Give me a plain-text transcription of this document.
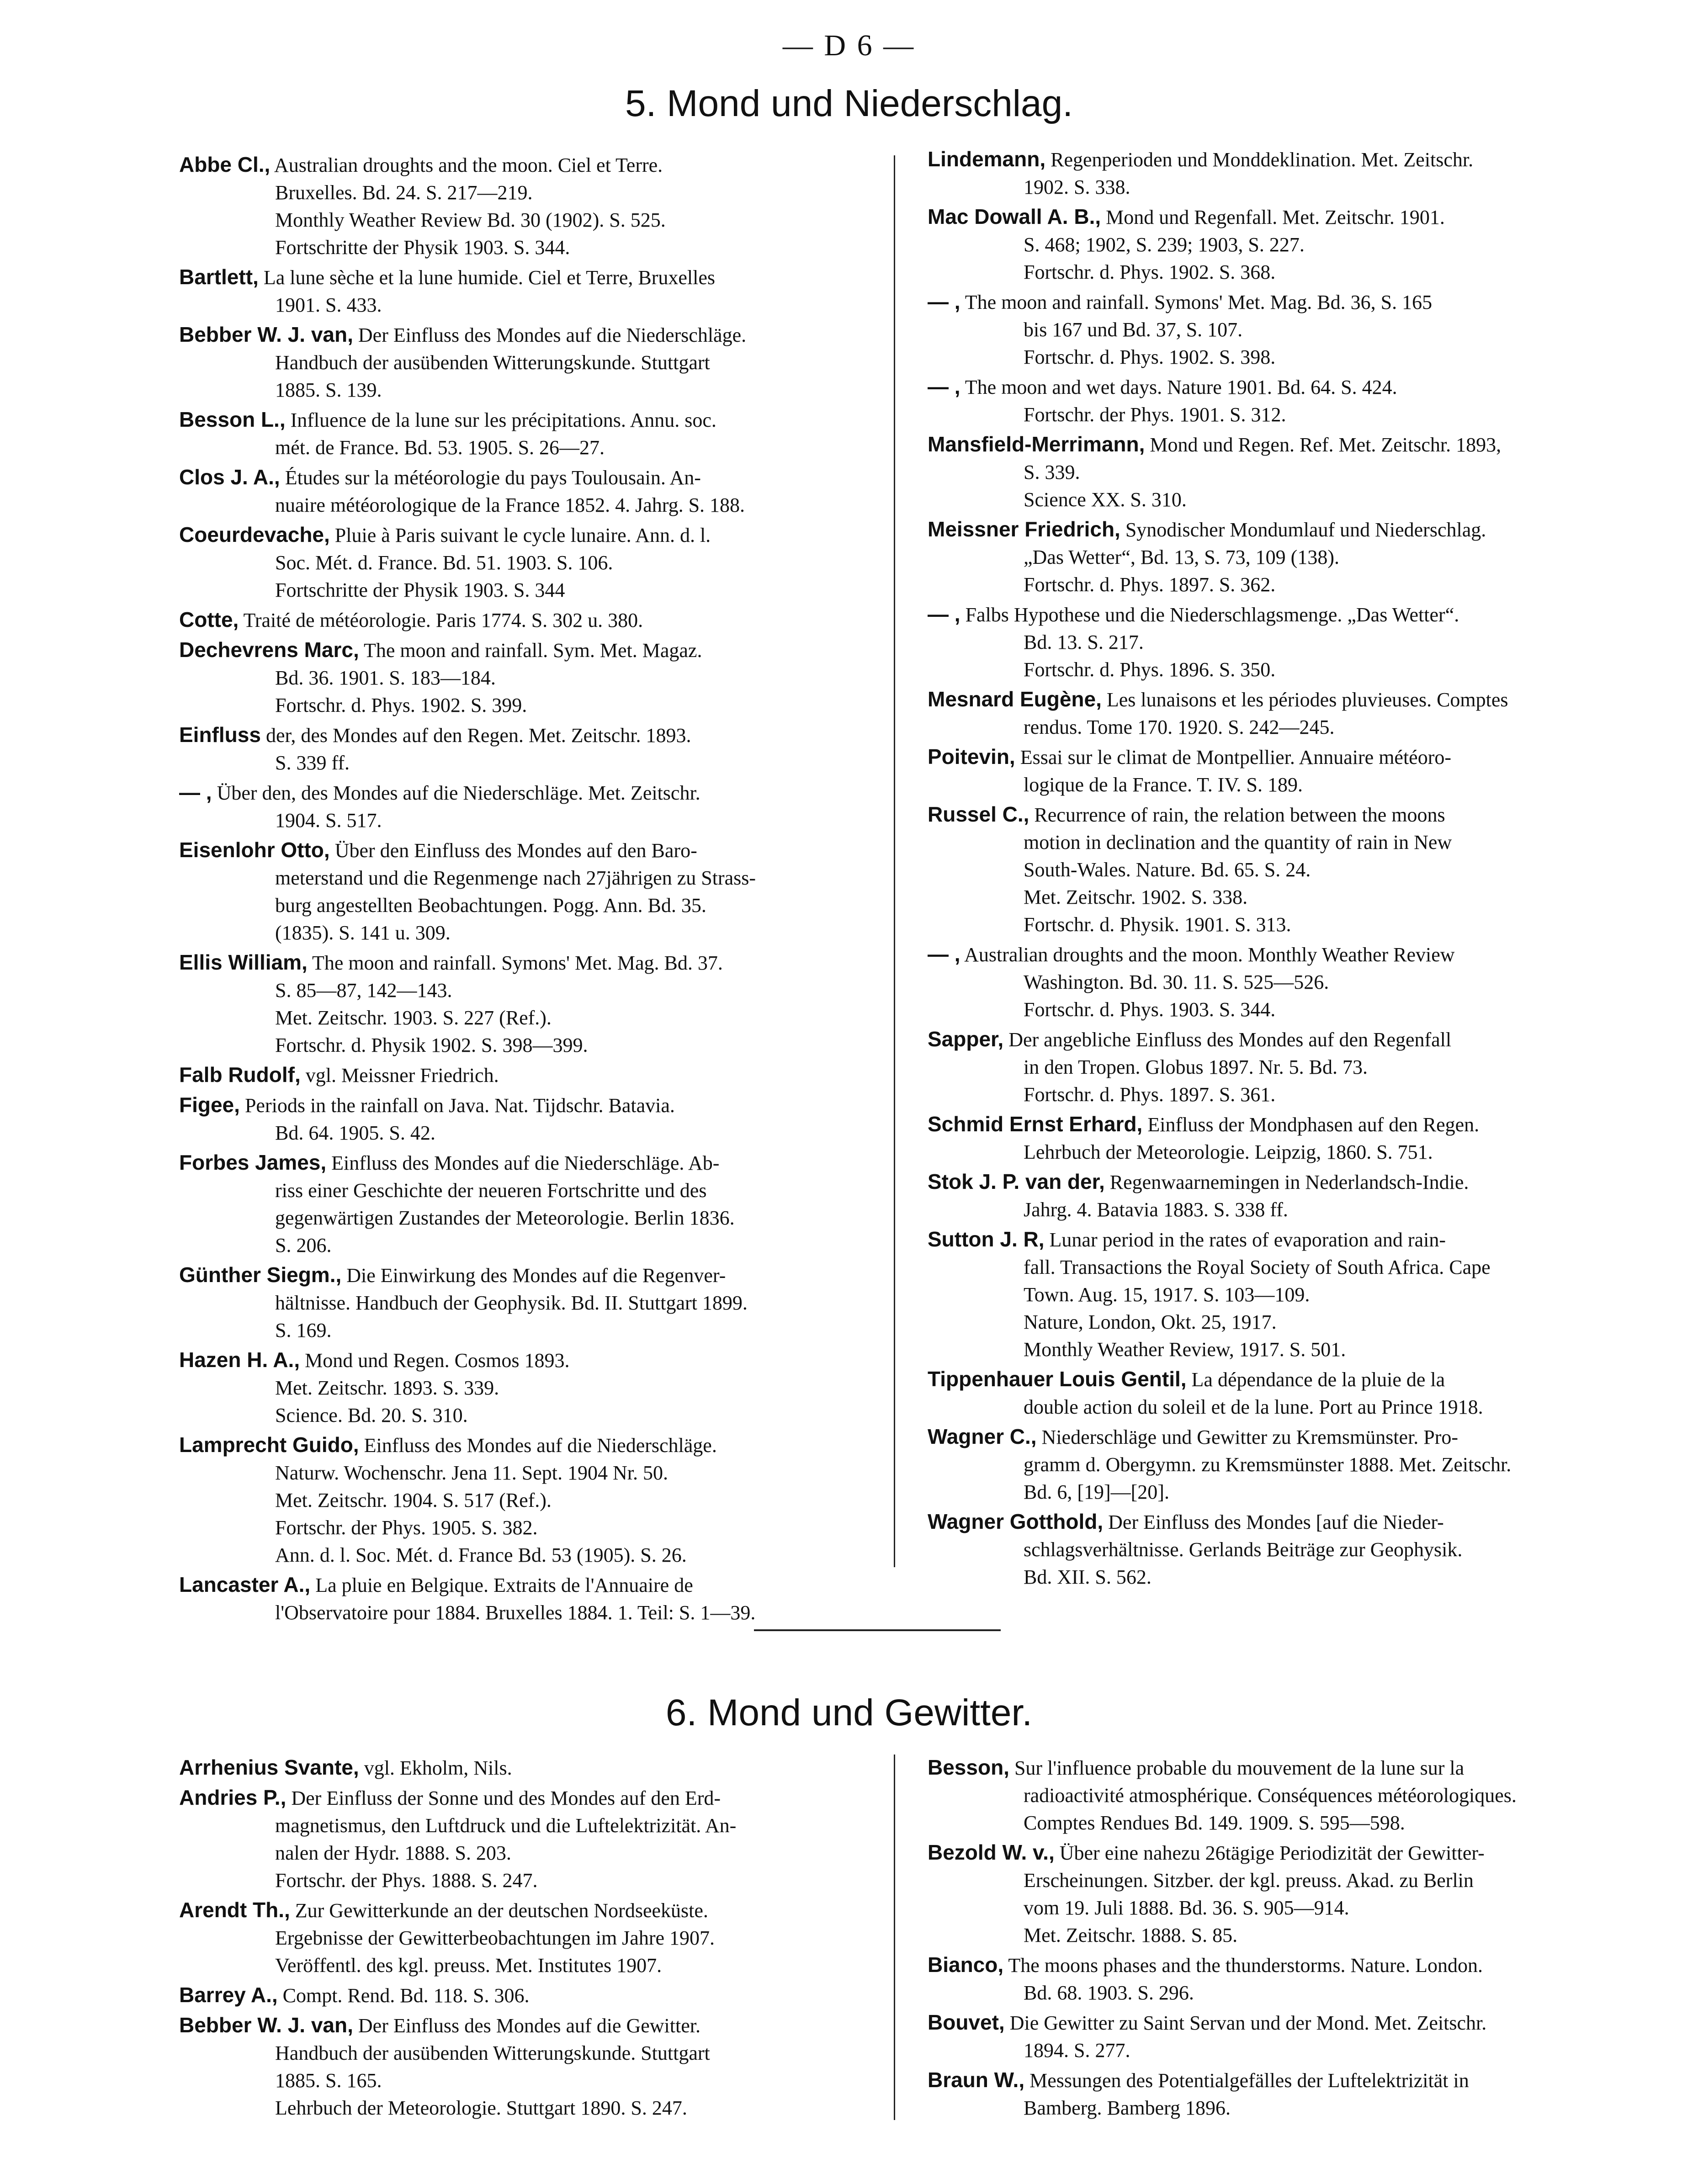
— D 6 —
5. Mond und Niederschlag.
Abbe Cl., Australian droughts and the moon. Ciel et Terre.
Bruxelles. Bd. 24. S. 217—219.
Monthly Weather Review Bd. 30 (1902). S. 525.
Fortschritte der Physik 1903. S. 344.
Bartlett, La lune sèche et la lune humide. Ciel et Terre, Bruxelles
1901. S. 433.
Bebber W. J. van, Der Einfluss des Mondes auf die Niederschläge.
Handbuch der ausübenden Witterungskunde. Stuttgart
1885. S. 139.
Besson L., Influence de la lune sur les précipitations. Annu. soc.
mét. de France. Bd. 53. 1905. S. 26—27.
Clos J. A., Études sur la météorologie du pays Toulousain. An-
nuaire météorologique de la France 1852. 4. Jahrg. S. 188.
Coeurdevache, Pluie à Paris suivant le cycle lunaire. Ann. d. l.
Soc. Mét. d. France. Bd. 51. 1903. S. 106.
Fortschritte der Physik 1903. S. 344
Cotte, Traité de météorologie. Paris 1774. S. 302 u. 380.
Dechevrens Marc, The moon and rainfall. Sym. Met. Magaz.
Bd. 36. 1901. S. 183—184.
Fortschr. d. Phys. 1902. S. 399.
Einfluss der, des Mondes auf den Regen. Met. Zeitschr. 1893.
S. 339 ff.
— , Über den, des Mondes auf die Niederschläge. Met. Zeitschr.
1904. S. 517.
Eisenlohr Otto, Über den Einfluss des Mondes auf den Baro-
meterstand und die Regenmenge nach 27jährigen zu Strass-
burg angestellten Beobachtungen. Pogg. Ann. Bd. 35.
(1835). S. 141 u. 309.
Ellis William, The moon and rainfall. Symons' Met. Mag. Bd. 37.
S. 85—87, 142—143.
Met. Zeitschr. 1903. S. 227 (Ref.).
Fortschr. d. Physik 1902. S. 398—399.
Falb Rudolf, vgl. Meissner Friedrich.
Figee, Periods in the rainfall on Java. Nat. Tijdschr. Batavia.
Bd. 64. 1905. S. 42.
Forbes James, Einfluss des Mondes auf die Niederschläge. Ab-
riss einer Geschichte der neueren Fortschritte und des
gegenwärtigen Zustandes der Meteorologie. Berlin 1836.
S. 206.
Günther Siegm., Die Einwirkung des Mondes auf die Regenver-
hältnisse. Handbuch der Geophysik. Bd. II. Stuttgart 1899.
S. 169.
Hazen H. A., Mond und Regen. Cosmos 1893.
Met. Zeitschr. 1893. S. 339.
Science. Bd. 20. S. 310.
Lamprecht Guido, Einfluss des Mondes auf die Niederschläge.
Naturw. Wochenschr. Jena 11. Sept. 1904 Nr. 50.
Met. Zeitschr. 1904. S. 517 (Ref.).
Fortschr. der Phys. 1905. S. 382.
Ann. d. l. Soc. Mét. d. France Bd. 53 (1905). S. 26.
Lancaster A., La pluie en Belgique. Extraits de l'Annuaire de
l'Observatoire pour 1884. Bruxelles 1884. 1. Teil: S. 1—39.
Lindemann, Regenperioden und Monddeklination. Met. Zeitschr.
1902. S. 338.
Mac Dowall A. B., Mond und Regenfall. Met. Zeitschr. 1901.
S. 468; 1902, S. 239; 1903, S. 227.
Fortschr. d. Phys. 1902. S. 368.
— , The moon and rainfall. Symons' Met. Mag. Bd. 36, S. 165
bis 167 und Bd. 37, S. 107.
Fortschr. d. Phys. 1902. S. 398.
— , The moon and wet days. Nature 1901. Bd. 64. S. 424.
Fortschr. der Phys. 1901. S. 312.
Mansfield-Merrimann, Mond und Regen. Ref. Met. Zeitschr. 1893,
S. 339.
Science XX. S. 310.
Meissner Friedrich, Synodischer Mondumlauf und Niederschlag.
„Das Wetter“, Bd. 13, S. 73, 109 (138).
Fortschr. d. Phys. 1897. S. 362.
— , Falbs Hypothese und die Niederschlagsmenge. „Das Wetter“.
Bd. 13. S. 217.
Fortschr. d. Phys. 1896. S. 350.
Mesnard Eugène, Les lunaisons et les périodes pluvieuses. Comptes
rendus. Tome 170. 1920. S. 242—245.
Poitevin, Essai sur le climat de Montpellier. Annuaire météoro-
logique de la France. T. IV. S. 189.
Russel C., Recurrence of rain, the relation between the moons
motion in declination and the quantity of rain in New
South-Wales. Nature. Bd. 65. S. 24.
Met. Zeitschr. 1902. S. 338.
Fortschr. d. Physik. 1901. S. 313.
— , Australian droughts and the moon. Monthly Weather Review
Washington. Bd. 30. 11. S. 525—526.
Fortschr. d. Phys. 1903. S. 344.
Sapper, Der angebliche Einfluss des Mondes auf den Regenfall
in den Tropen. Globus 1897. Nr. 5. Bd. 73.
Fortschr. d. Phys. 1897. S. 361.
Schmid Ernst Erhard, Einfluss der Mondphasen auf den Regen.
Lehrbuch der Meteorologie. Leipzig, 1860. S. 751.
Stok J. P. van der, Regenwaarnemingen in Nederlandsch-Indie.
Jahrg. 4. Batavia 1883. S. 338 ff.
Sutton J. R, Lunar period in the rates of evaporation and rain-
fall. Transactions the Royal Society of South Africa. Cape
Town. Aug. 15, 1917. S. 103—109.
Nature, London, Okt. 25, 1917.
Monthly Weather Review, 1917. S. 501.
Tippenhauer Louis Gentil, La dépendance de la pluie de la
double action du soleil et de la lune. Port au Prince 1918.
Wagner C., Niederschläge und Gewitter zu Kremsmünster. Pro-
gramm d. Obergymn. zu Kremsmünster 1888. Met. Zeitschr.
Bd. 6, [19]—[20].
Wagner Gotthold, Der Einfluss des Mondes [auf die Nieder-
schlagsverhältnisse. Gerlands Beiträge zur Geophysik.
Bd. XII. S. 562.
6. Mond und Gewitter.
Arrhenius Svante, vgl. Ekholm, Nils.
Andries P., Der Einfluss der Sonne und des Mondes auf den Erd-
magnetismus, den Luftdruck und die Luftelektrizität. An-
nalen der Hydr. 1888. S. 203.
Fortschr. der Phys. 1888. S. 247.
Arendt Th., Zur Gewitterkunde an der deutschen Nordseeküste.
Ergebnisse der Gewitterbeobachtungen im Jahre 1907.
Veröffentl. des kgl. preuss. Met. Institutes 1907.
Barrey A., Compt. Rend. Bd. 118. S. 306.
Bebber W. J. van, Der Einfluss des Mondes auf die Gewitter.
Handbuch der ausübenden Witterungskunde. Stuttgart
1885. S. 165.
Lehrbuch der Meteorologie. Stuttgart 1890. S. 247.
Besson, Sur l'influence probable du mouvement de la lune sur la
radioactivité atmosphérique. Conséquences météorologiques.
Comptes Rendues Bd. 149. 1909. S. 595—598.
Bezold W. v., Über eine nahezu 26tägige Periodizität der Gewitter-
Erscheinungen. Sitzber. der kgl. preuss. Akad. zu Berlin
vom 19. Juli 1888. Bd. 36. S. 905—914.
Met. Zeitschr. 1888. S. 85.
Bianco, The moons phases and the thunderstorms. Nature. London.
Bd. 68. 1903. S. 296.
Bouvet, Die Gewitter zu Saint Servan und der Mond. Met. Zeitschr.
1894. S. 277.
Braun W., Messungen des Potentialgefälles der Luftelektrizität in
Bamberg. Bamberg 1896.
